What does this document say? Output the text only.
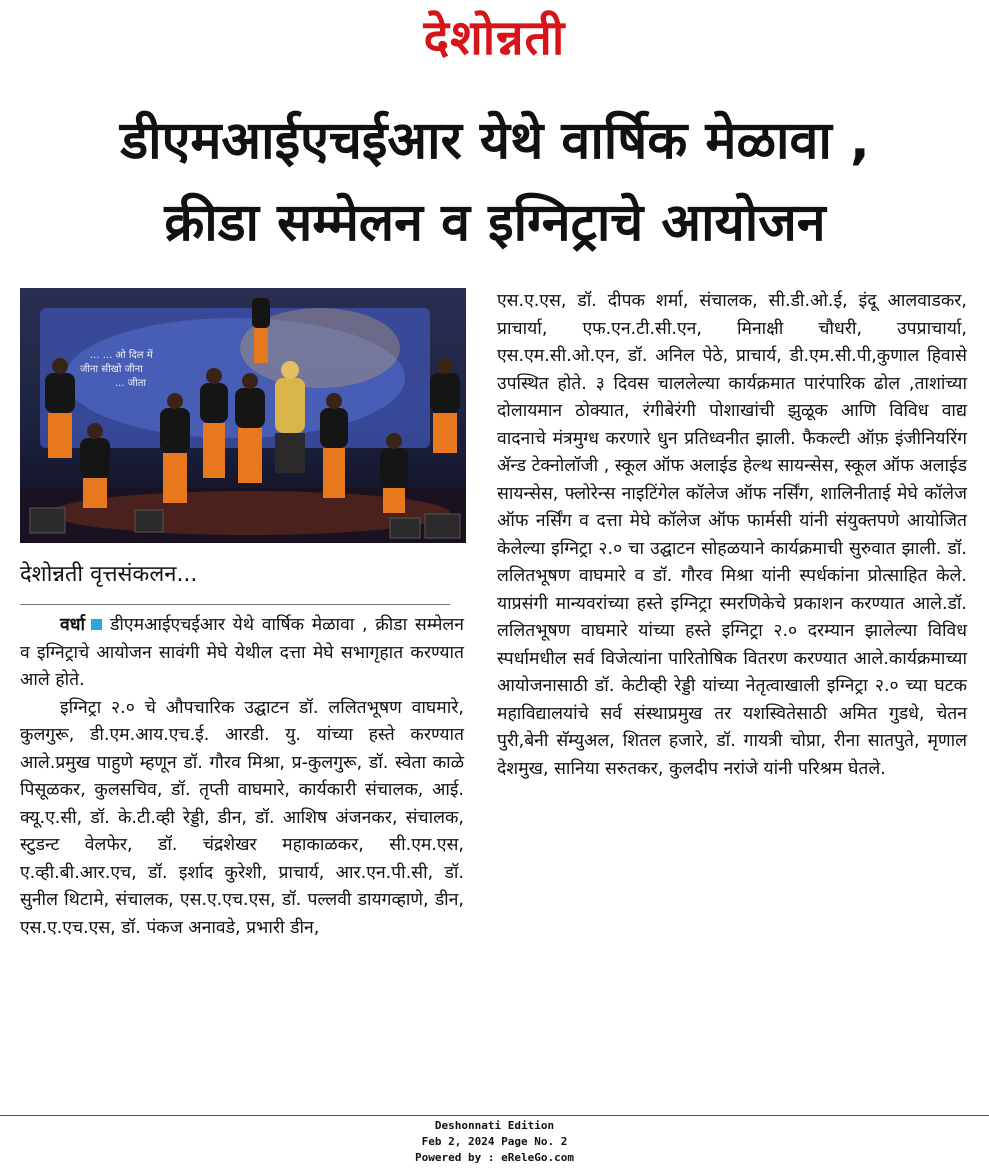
देशोन्नती
डीएमआईएचईआर येथे वार्षिक मेळावा ,
क्रीडा सम्मेलन व इग्निट्राचे आयोजन
... ... ओ दिल में
जीना सीखो जीना
... जीता
देशोन्नती वृत्तसंकलन...

वर्धा डीएमआईएचईआर येथे वार्षिक मेळावा , क्रीडा सम्मेलन व इग्निट्राचे आयोजन सावंगी मेघे येथील दत्ता मेघे सभागृहात करण्यात आले होते.

इग्निट्रा २.० चे औपचारिक उद्घाटन डॉ. ललितभूषण वाघमारे, कुलगुरू, डी.एम.आय.एच.ई. आरडी. यु. यांच्या हस्ते करण्यात आले.प्रमुख पाहुणे म्हणून डॉ. गौरव मिश्रा, प्र-कुलगुरू, डॉ. स्वेता काळे पिसूळकर, कुलसचिव, डॉ. तृप्ती वाघमारे, कार्यकारी संचालक, आई. क्यू.ए.सी, डॉ. के.टी.व्ही रेड्डी, डीन, डॉ. आशिष अंजनकर, संचालक, स्टुडन्ट वेलफेर, डॉ. चंद्रशेखर महाकाळकर, सी.एम.एस, ए.व्ही.बी.आर.एच, डॉ. इर्शाद कुरेशी, प्राचार्य, आर.एन.पी.सी, डॉ. सुनील थिटामे, संचालक, एस.ए.एच.एस, डॉ. पल्लवी डायगव्हाणे, डीन, एस.ए.एच.एस, डॉ. पंकज अनावडे, प्रभारी डीन,

एस.ए.एस, डॉ. दीपक शर्मा, संचालक, सी.डी.ओ.ई, इंदू आलवाडकर, प्राचार्या, एफ.एन.टी.सी.एन, मिनाक्षी चौधरी, उपप्राचार्या, एस.एम.सी.ओ.एन, डॉ. अनिल पेठे, प्राचार्य, डी.एम.सी.पी,कुणाल हिवासे उपस्थित होते. ३ दिवस चाललेल्या कार्यक्रमात पारंपारिक ढोल ,ताशांच्या दोलायमान ठोक्यात, रंगीबेरंगी पोशाखांची झुळूक आणि विविध वाद्य वादनाचे मंत्रमुग्ध करणारे धुन प्रतिध्वनीत झाली. फैकल्टी ऑफ़ इंजीनियरिंग ॲन्ड टेक्नोलॉजी , स्कूल ऑफ अलाईड हेल्थ सायन्सेस, स्कूल ऑफ अलाईड सायन्सेस, फ्लोरेन्स नाइटिंगेल कॉलेज ऑफ नर्सिंग, शालिनीताई मेघे कॉलेज ऑफ नर्सिंग व दत्ता मेघे कॉलेज ऑफ फार्मसी यांनी संयुक्तपणे आयोजित केलेल्या इग्निट्रा २.० चा उद्घाटन सोहळयाने कार्यक्रमाची सुरुवात झाली. डॉ. ललितभूषण वाघमारे व डॉ. गौरव मिश्रा यांनी स्पर्धकांना प्रोत्साहित केले. याप्रसंगी मान्यवरांच्या हस्ते इग्निट्रा स्मरणिकेचे प्रकाशन करण्यात आले.डॉ. ललितभूषण वाघमारे यांच्या हस्ते इग्निट्रा २.० दरम्यान झालेल्या विविध स्पर्धामधील सर्व विजेत्यांना पारितोषिक वितरण करण्यात आले.कार्यक्रमाच्या आयोजनासाठी डॉ. केटीव्ही रेड्डी यांच्या नेतृत्वाखाली इग्निट्रा २.० च्या घटक महाविद्यालयांचे सर्व संस्थाप्रमुख तर यशस्वितेसाठी अमित गुडधे, चेतन पुरी,बेनी सॅम्युअल, शितल हजारे, डॉ. गायत्री चोप्रा, रीना सातपुते, मृणाल देशमुख, सानिया सरुतकर, कुलदीप नरांजे यांनी परिश्रम घेतले.

Deshonnati Edition
Feb 2, 2024 Page No. 2
Powered by : eReleGo.com
